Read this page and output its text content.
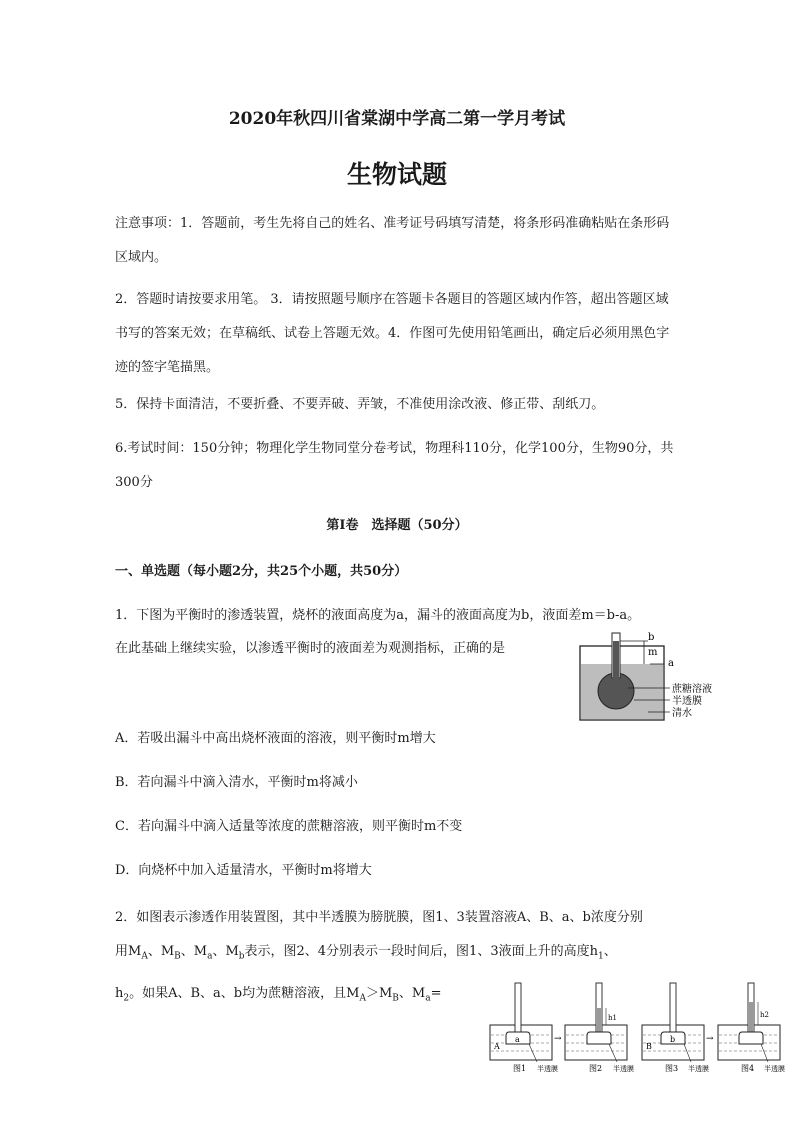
2020年秋四川省棠湖中学高二第一学月考试
生物试题
注意事项：1．答题前，考生先将自己的姓名、准考证号码填写清楚，将条形码准确粘贴在条形码区域内。
2．答题时请按要求用笔。 3．请按照题号顺序在答题卡各题目的答题区域内作答，超出答题区域书写的答案无效；在草稿纸、试卷上答题无效。4．作图可先使用铅笔画出，确定后必须用黑色字迹的签字笔描黑。
5．保持卡面清洁，不要折叠、不要弄破、弄皱，不准使用涂改液、修正带、刮纸刀。
6.考试时间：150分钟；物理化学生物同堂分卷考试，物理科110分，化学100分，生物90分，共300分
第Ⅰ卷　选择题（50分）
一、单选题（每小题2分，共25个小题，共50分）
1．下图为平衡时的渗透装置，烧杯的液面高度为a，漏斗的液面高度为b，液面差m＝b-a。
在此基础上继续实验，以渗透平衡时的液面差为观测指标，正确的是
b
m
a
蔗糖溶液
半透膜
清水
A．若吸出漏斗中高出烧杯液面的溶液，则平衡时m增大
B．若向漏斗中滴入清水，平衡时m将减小
C．若向漏斗中滴入适量等浓度的蔗糖溶液，则平衡时m不变
D．向烧杯中加入适量清水，平衡时m将增大
2．如图表示渗透作用装置图，其中半透膜为膀胱膜，图1、3装置溶液A、B、a、b浓度分别
用$M_A$、$M_B$、$M_a$、$M_b$表示，图2、4分别表示一段时间后，图1、3液面上升的高度$h_1$、
$h_2$。如果A、B、a、b均为蔗糖溶液，且$M_A>M_B$、$M_a=$
a
A
图1 半透膜
→
h1
图2 半透膜
b
B
图3 半透膜
→
h2
图4 半透膜
